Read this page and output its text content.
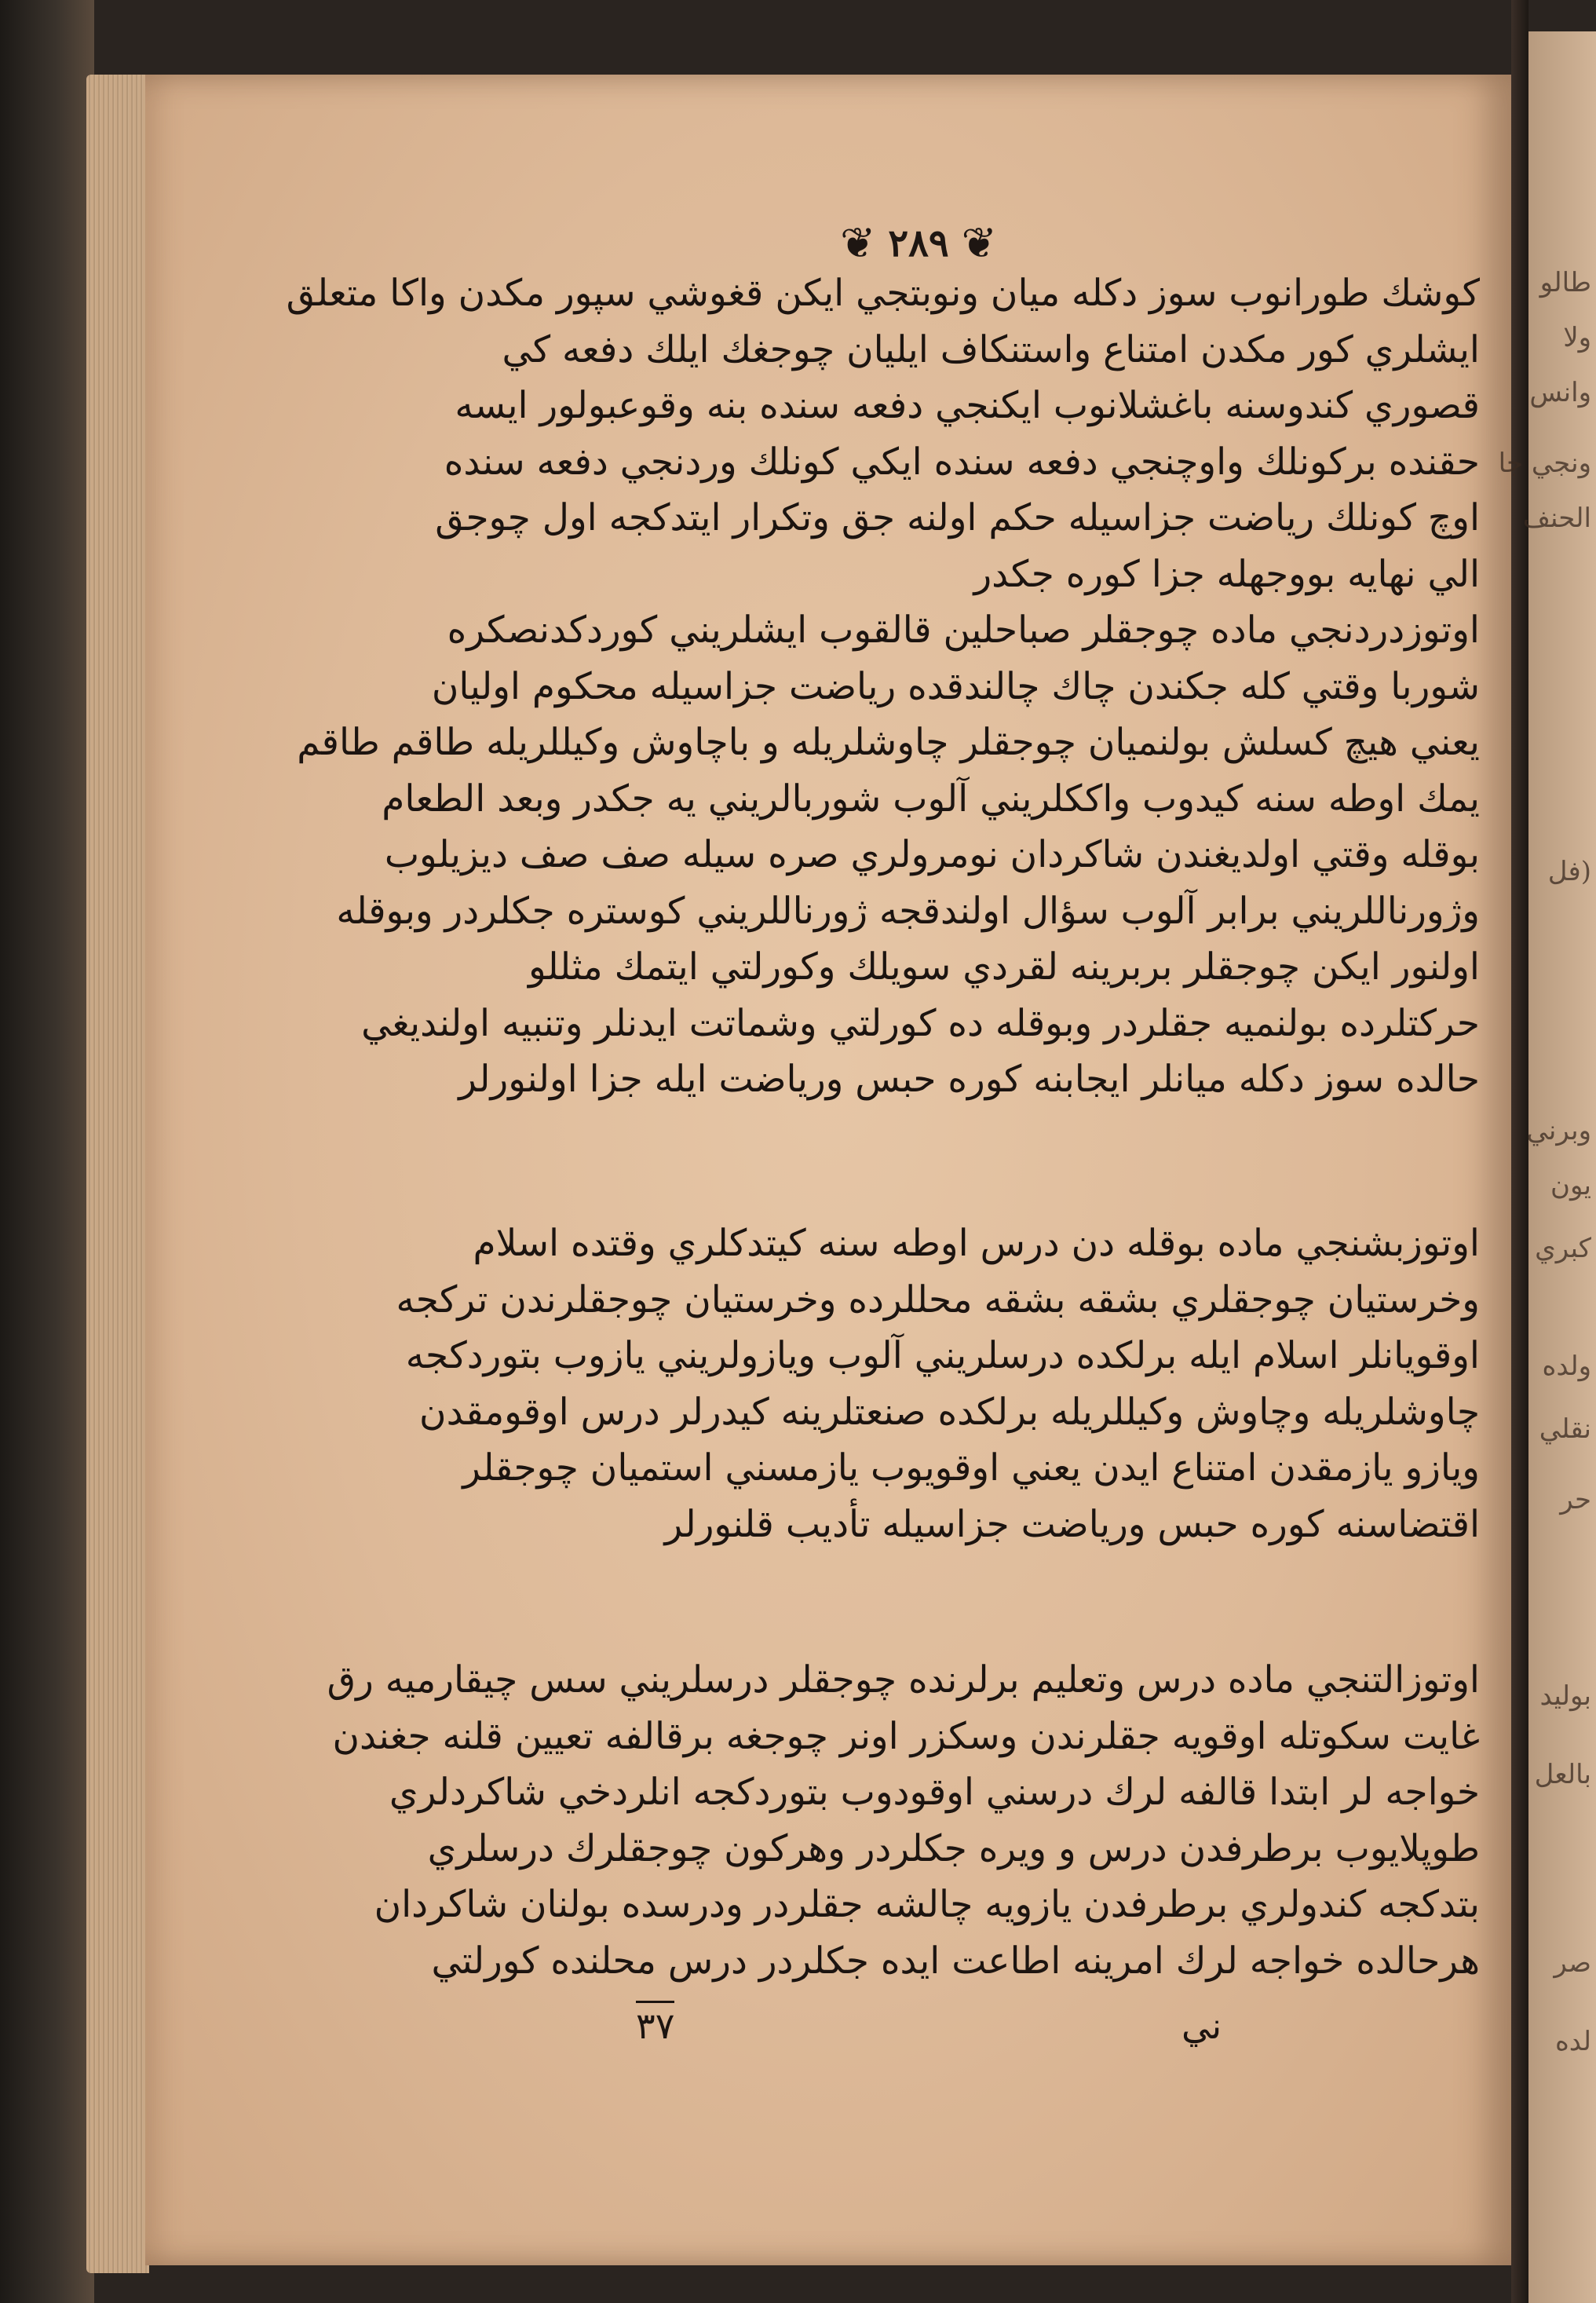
طالو
ولا
وانس
ونجي جا
الحنف
(فل
وبرني
يون
كبري
ولده
نقلي
حر
بوليد
بالعل
صر
لده
❦ ٢٨٩ ❦

كوشك طورانوب سوز دكله ميان ونوبتجي ايكن قغوشي سپور مكدن واكا متعلق

ايشلري كور مكدن امتناع واستنكاف ايليان چوجغك ايلك دفعه كي

قصوري كندوسنه باغشلانوب ايكنجي دفعه سنده بنه وقوعبولور ايسه

حقنده بركونلك واوچنجي دفعه سنده ايكي كونلك وردنجي دفعه سنده

اوچ كونلك رياضت جزاسيله حكم اولنه جق وتكرار ايتدكجه اول چوجق

الي نهايه بووجهله جزا كوره جكدر

اوتوزدردنجي ماده چوجقلر صباحلين قالقوب ايشلريني كوردكدنصكره

شوربا وقتي كله جكندن چاك چالندقده رياضت جزاسيله محكوم اوليان

يعني هيچ كسلش بولنميان چوجقلر چاوشلريله و باچاوش وكيللريله طاقم طاقم

يمك اوطه سنه كيدوب واككلريني آلوب شوربالريني يه جكدر وبعد الطعام

بوقله وقتي اولديغندن شاكردان نومرولري صره سيله صف صف ديزيلوب

وژورناللريني برابر آلوب سؤال اولندقجه ژورناللريني كوستره جكلردر وبوقله

اولنور ايكن چوجقلر بربرينه لقردي سويلك وكورلتي ايتمك مثللو

حركتلرده بولنميه جقلردر وبوقله ده كورلتي وشماتت ايدنلر وتنبيه اولنديغي

حالده سوز دكله ميانلر ايجابنه كوره حبس ورياضت ايله جزا اولنورلر

اوتوزبشنجي ماده بوقله دن درس اوطه سنه كيتدكلري وقتده اسلام

وخرستيان چوجقلري بشقه بشقه محللرده وخرستيان چوجقلرندن تركجه

اوقويانلر اسلام ايله برلكده درسلريني آلوب ويازولريني يازوب بتوردكجه

چاوشلريله وچاوش وكيللريله برلكده صنعتلرينه كيدرلر درس اوقومقدن

ويازو يازمقدن امتناع ايدن يعني اوقويوب يازمسني استميان چوجقلر

اقتضاسنه كوره حبس ورياضت جزاسيله تأديب قلنورلر

اوتوزالتنجي ماده درس وتعليم برلرنده چوجقلر درسلريني سس چيقارميه رق

غايت سكوتله اوقويه جقلرندن وسكزر اونر چوجغه برقالفه تعيين قلنه جغندن

خواجه لر ابتدا قالفه لرك درسني اوقودوب بتوردكجه انلردخي شاكردلري

طوپلايوب برطرفدن درس و ويره جكلردر وهركون چوجقلرك درسلري

بتدكجه كندولري برطرفدن يازويه چالشه جقلردر ودرسده بولنان شاكردان

هرحالده خواجه لرك امرينه اطاعت ايده جكلردر درس محلنده كورلتي

٣٧	ني
